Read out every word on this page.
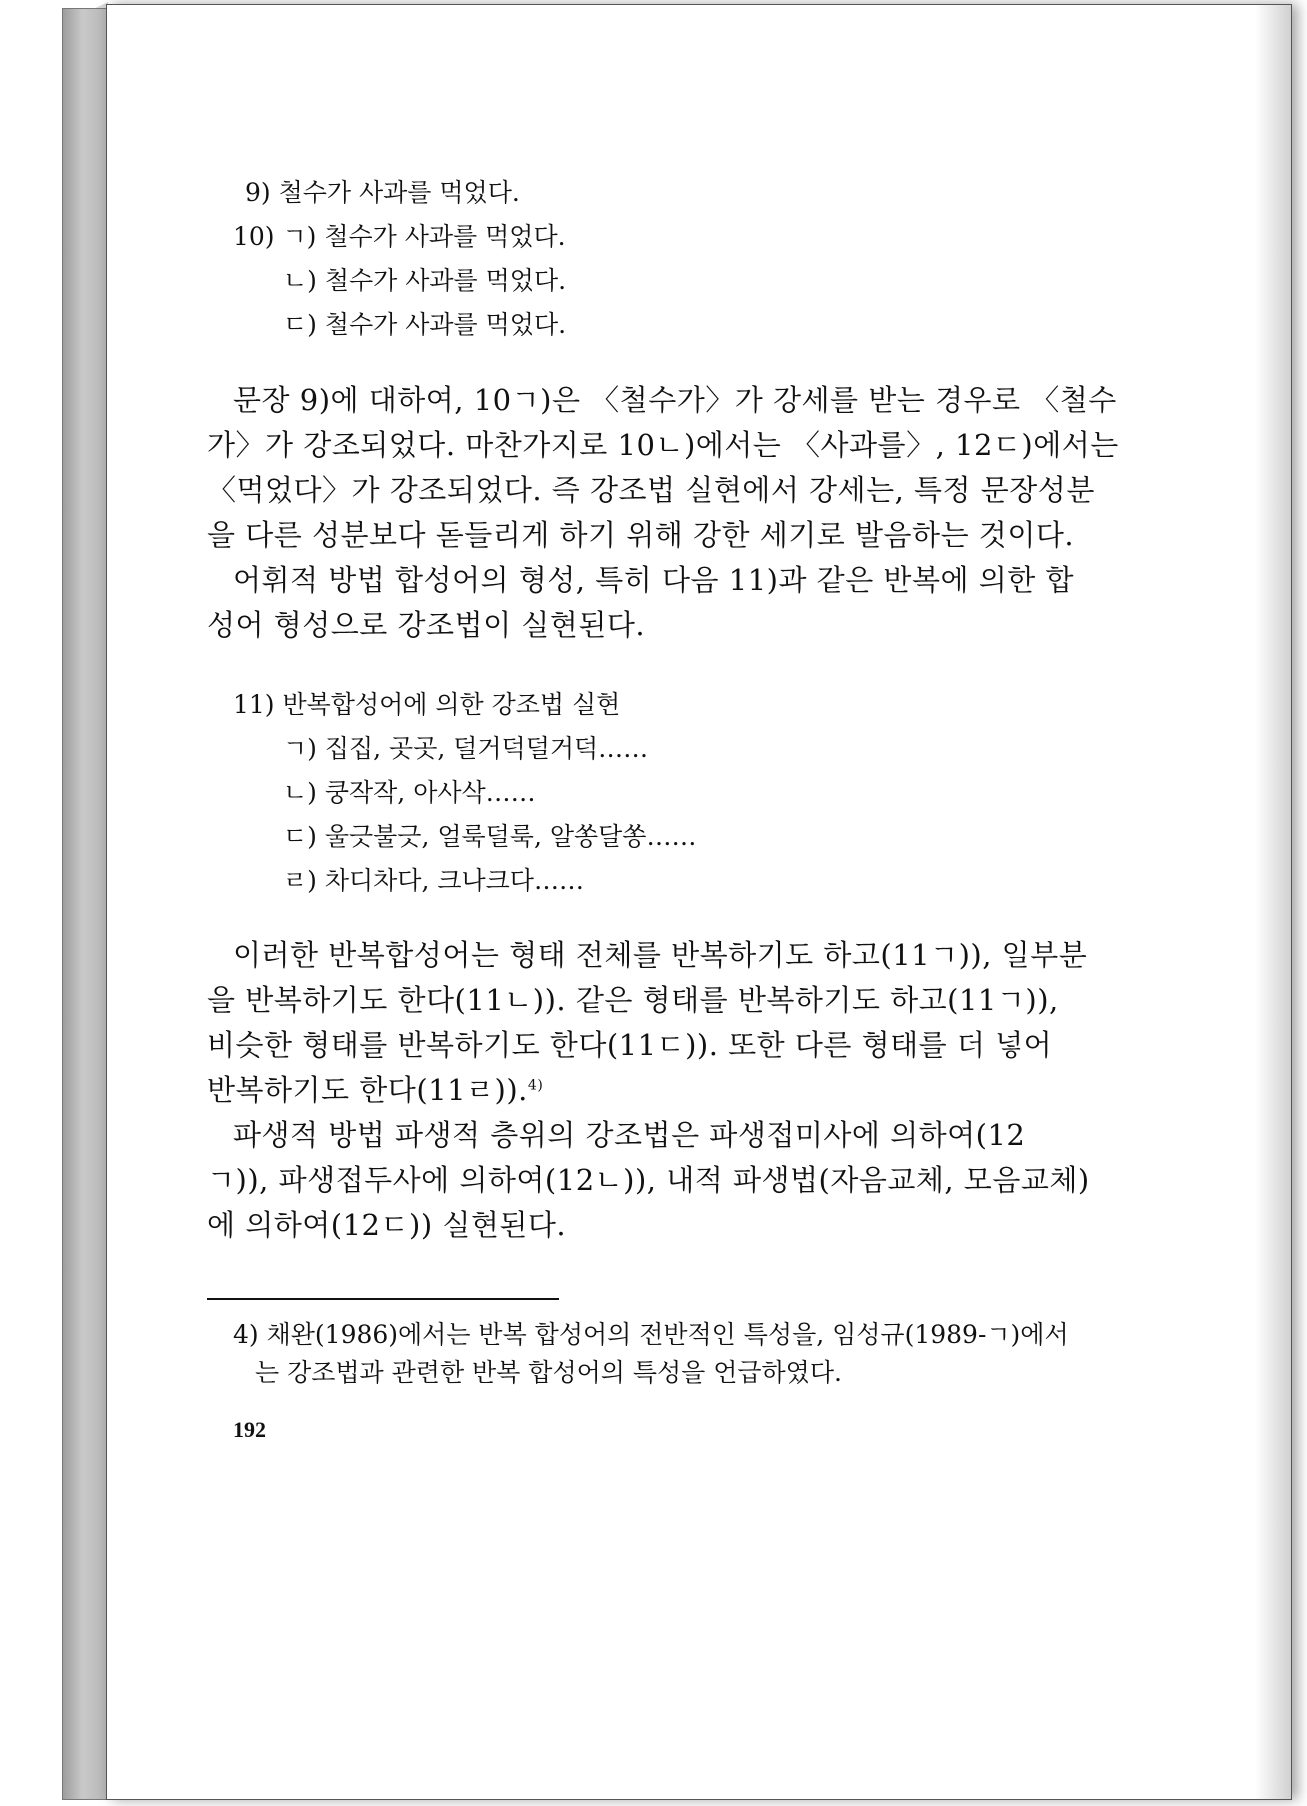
9) 철수가 사과를 먹었다.
10) ㄱ) 철수가 사과를 먹었다.
ㄴ) 철수가 사과를 먹었다.
ㄷ) 철수가 사과를 먹었다.
문장 9)에 대하여, 10ㄱ)은 〈철수가〉가 강세를 받는 경우로 〈철수
가〉가 강조되었다. 마찬가지로 10ㄴ)에서는 〈사과를〉, 12ㄷ)에서는
〈먹었다〉가 강조되었다. 즉 강조법 실현에서 강세는, 특정 문장성분
을 다른 성분보다 돋들리게 하기 위해 강한 세기로 발음하는 것이다.
어휘적 방법 합성어의 형성, 특히 다음 11)과 같은 반복에 의한 합
성어 형성으로 강조법이 실현된다.
11) 반복합성어에 의한 강조법 실현
ㄱ) 집집, 곳곳, 덜거덕덜거덕……
ㄴ) 쿵작작, 아사삭……
ㄷ) 울긋불긋, 얼룩덜룩, 알쏭달쏭……
ㄹ) 차디차다, 크나크다……
이러한 반복합성어는 형태 전체를 반복하기도 하고(11ㄱ)), 일부분
을 반복하기도 한다(11ㄴ)). 같은 형태를 반복하기도 하고(11ㄱ)),
비슷한 형태를 반복하기도 한다(11ㄷ)). 또한 다른 형태를 더 넣어
반복하기도 한다(11ㄹ)).$^{4)}$
파생적 방법 파생적 층위의 강조법은 파생접미사에 의하여(12
ㄱ)), 파생접두사에 의하여(12ㄴ)), 내적 파생법(자음교체, 모음교체)
에 의하여(12ㄷ)) 실현된다.
4) 채완(1986)에서는 반복 합성어의 전반적인 특성을, 임성규(1989-ㄱ)에서
는 강조법과 관련한 반복 합성어의 특성을 언급하였다.
192
